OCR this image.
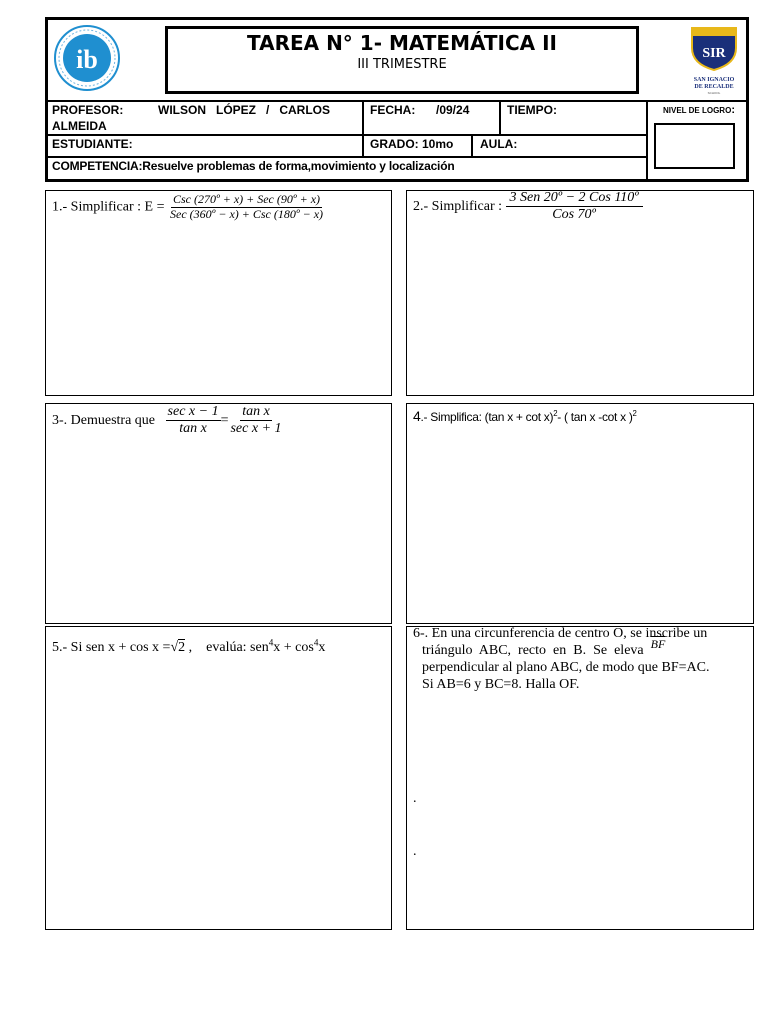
ib
TAREA N° 1- MATEMÁTICA II
III TRIMESTRE
SIR
SAN IGNACIO
DE RECALDE
SCHOOL
PROFESOR:	WILSON   LÓPEZ   /   CARLOS
ALMEIDA
FECHA: /09/24	TIEMPO:	NIVEL DE LOGRO:
ESTUDIANTE:	GRADO: 10mo AULA:
COMPETENCIA:Resuelve problemas de forma,movimiento y localización
1.- Simplificar : $E = \frac{\text{Csc (270º + x) + Sec (90º + x)}}{\text{Sec (360º − x) + Csc (180º − x)}}$	2.- Simplificar : $\frac{\text{3 Sen 20º − 2 Cos 110º}}{\text{Cos 70º}}$
3-. Demuestra que $\frac{\text{sec x − 1}}{\text{tan x}} = \frac{\text{tan x}}{\text{sec x + 1}}$	4.- Simplifica: (tan x + cot x)$^2$- ( tan x -cot x )$^2$
5.- Si sen x + cos x =√2 ,    evalúa: $sen^4x + \cos^4x$
6-. En una circunferencia de centro O, se inscribe un
triángulo  ABC,  recto  en  B.  Se  eleva BF
perpendicular al plano ABC, de modo que BF=AC.
Si AB=6 y BC=8. Halla OF.
.
.
